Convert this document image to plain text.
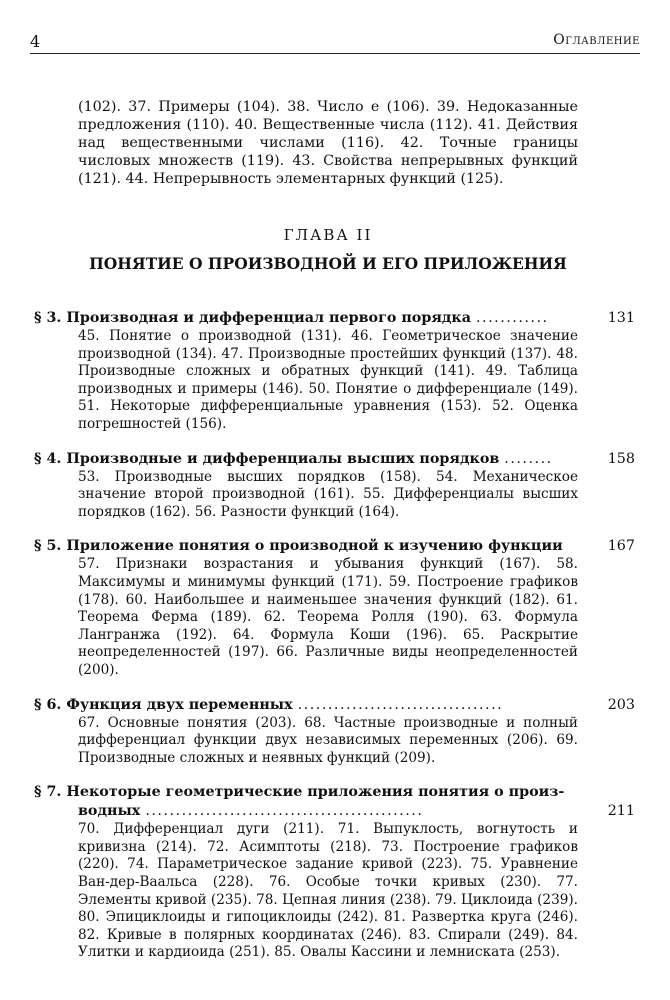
4	Оглавление

(102). 37. Примеры (104). 38. Число e (106). 39. Недоказанные предложения (110). 40. Вещественные числа (112). 41. Действия над вещественными числами (116). 42. Точные границы числовых множеств (119). 43. Свойства непрерывных функций (121). 44. Непрерывность элементарных функций (125).

ГЛАВА II
ПОНЯТИЕ О ПРОИЗВОДНОЙ И ЕГО ПРИЛОЖЕНИЯ
§ 3. Производная и дифференциал первого порядка ............	131

45. Понятие о производной (131). 46. Геометрическое значение производной (134). 47. Производные простейших функций (137). 48. Производные сложных и обратных функций (141). 49. Таблица производных и примеры (146). 50. Понятие о дифференциале (149). 51. Некоторые дифференциальные уравнения (153). 52. Оценка погрешностей (156).

§ 4. Производные и дифференциалы высших порядков ........	158

53. Производные высших порядков (158). 54. Механическое значение второй производной (161). 55. Дифференциалы высших порядков (162). 56. Разности функций (164).

§ 5. Приложение понятия о производной к изучению функции	167

57. Признаки возрастания и убывания функций (167). 58. Максимумы и минимумы функций (171). 59. Построение графиков (178). 60. Наибольшее и наименьшее значения функций (182). 61. Теорема Ферма (189). 62. Теорема Ролля (190). 63. Формула Лангранжа (192). 64. Формула Коши (196). 65. Раскрытие неопределенностей (197). 66. Различные виды неопределенностей (200).

§ 6. Функция двух переменных ..................................	203

67. Основные понятия (203). 68. Частные производные и полный дифференциал функции двух независимых переменных (206). 69. Производные сложных и неявных функций (209).

§ 7. Некоторые геометрические приложения понятия о произ-
водных ..............................................	211

70. Дифференциал дуги (211). 71. Выпуклость, вогнутость и кривизна (214). 72. Асимптоты (218). 73. Построение графиков (220). 74. Параметрическое задание кривой (223). 75. Уравнение Ван-дер-Ваальса (228). 76. Особые точки кривых (230). 77. Элементы кривой (235). 78. Цепная линия (238). 79. Циклоида (239). 80. Эпициклоиды и гипоциклоиды (242). 81. Развертка круга (246). 82. Кривые в полярных координатах (246). 83. Спирали (249). 84. Улитки и кардиоида (251). 85. Овалы Кассини и лемниската (253).
